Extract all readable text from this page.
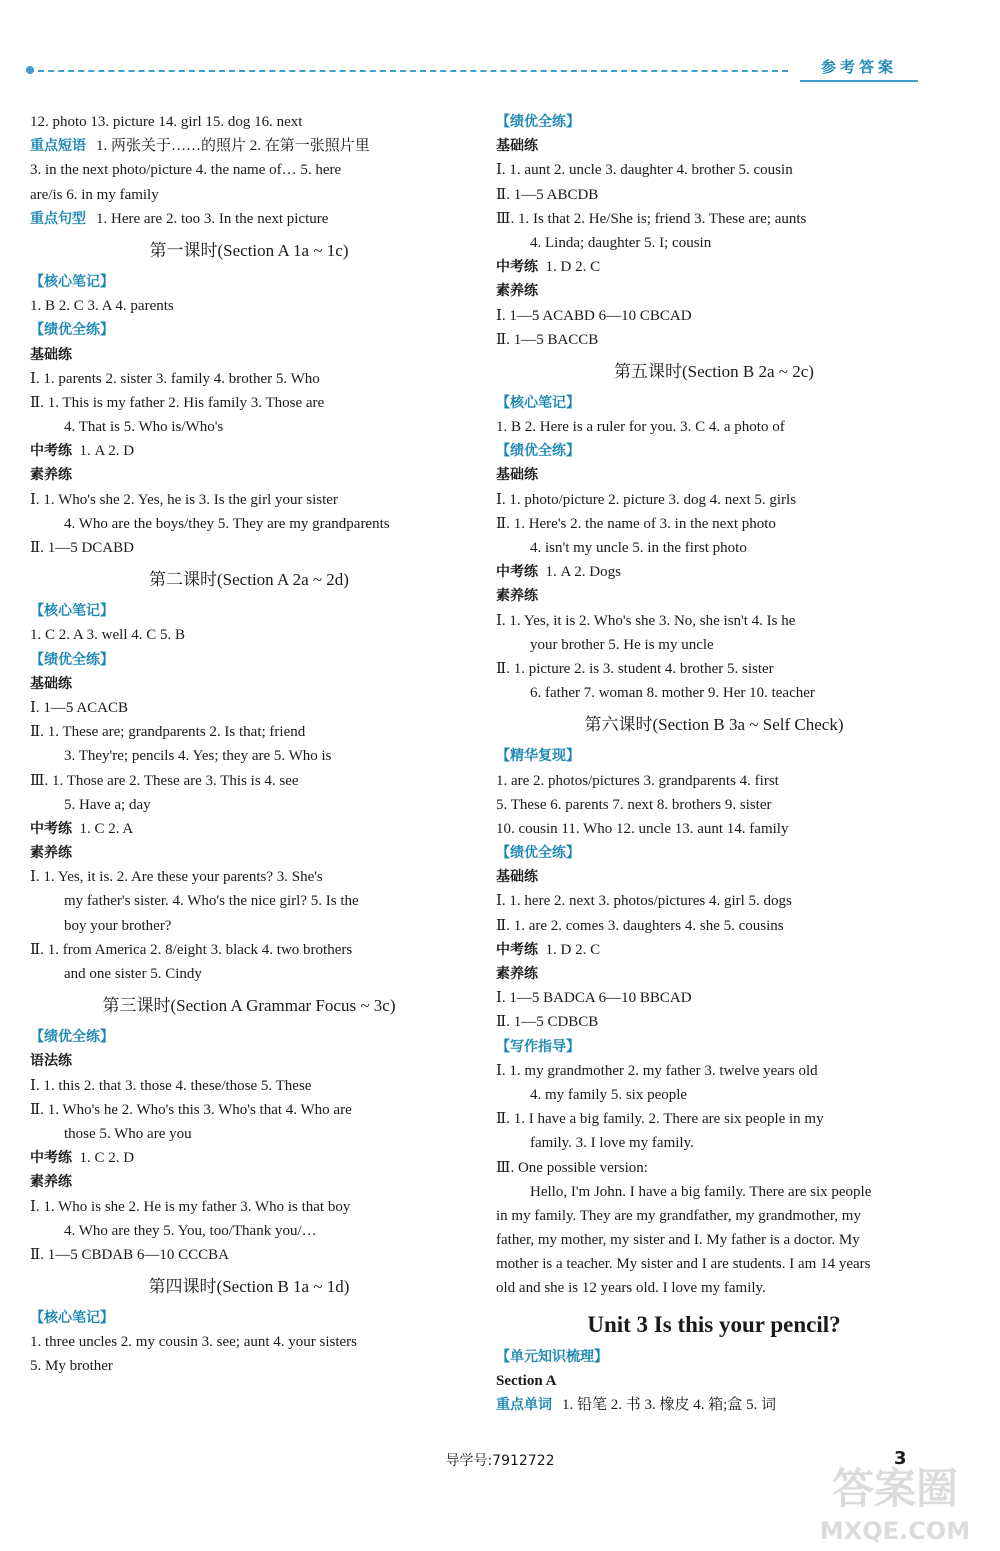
参考答案
12. photo 13. picture 14. girl 15. dog 16. next
重点短语 1. 两张关于……的照片 2. 在第一张照片里
3. in the next photo/picture 4. the name of… 5. here
are/is 6. in my family
重点句型 1. Here are 2. too 3. In the next picture
第一课时(Section A 1a ~ 1c)
【核心笔记】
1. B 2. C 3. A 4. parents
【绩优全练】
基础练
Ⅰ. 1. parents 2. sister 3. family 4. brother 5. Who
Ⅱ. 1. This is my father 2. His family 3. Those are
4. That is 5. Who is/Who's
中考练 1. A 2. D
素养练
Ⅰ. 1. Who's she 2. Yes, he is 3. Is the girl your sister
4. Who are the boys/they 5. They are my grandparents
Ⅱ. 1—5 DCABD
第二课时(Section A 2a ~ 2d)
【核心笔记】
1. C 2. A 3. well 4. C 5. B
【绩优全练】
基础练
Ⅰ. 1—5 ACACB
Ⅱ. 1. These are; grandparents 2. Is that; friend
3. They're; pencils 4. Yes; they are 5. Who is
Ⅲ. 1. Those are 2. These are 3. This is 4. see
5. Have a; day
中考练 1. C 2. A
素养练
Ⅰ. 1. Yes, it is. 2. Are these your parents? 3. She's
my father's sister. 4. Who's the nice girl? 5. Is the
boy your brother?
Ⅱ. 1. from America 2. 8/eight 3. black 4. two brothers
and one sister 5. Cindy
第三课时(Section A Grammar Focus ~ 3c)
【绩优全练】
语法练
Ⅰ. 1. this 2. that 3. those 4. these/those 5. These
Ⅱ. 1. Who's he 2. Who's this 3. Who's that 4. Who are
those 5. Who are you
中考练 1. C 2. D
素养练
Ⅰ. 1. Who is she 2. He is my father 3. Who is that boy
4. Who are they 5. You, too/Thank you/…
Ⅱ. 1—5 CBDAB 6—10 CCCBA
第四课时(Section B 1a ~ 1d)
【核心笔记】
1. three uncles 2. my cousin 3. see; aunt 4. your sisters
5. My brother
【绩优全练】
基础练
Ⅰ. 1. aunt 2. uncle 3. daughter 4. brother 5. cousin
Ⅱ. 1—5 ABCDB
Ⅲ. 1. Is that 2. He/She is; friend 3. These are; aunts
4. Linda; daughter 5. I; cousin
中考练 1. D 2. C
素养练
Ⅰ. 1—5 ACABD 6—10 CBCAD
Ⅱ. 1—5 BACCB
第五课时(Section B 2a ~ 2c)
【核心笔记】
1. B 2. Here is a ruler for you. 3. C 4. a photo of
【绩优全练】
基础练
Ⅰ. 1. photo/picture 2. picture 3. dog 4. next 5. girls
Ⅱ. 1. Here's 2. the name of 3. in the next photo
4. isn't my uncle 5. in the first photo
中考练 1. A 2. Dogs
素养练
Ⅰ. 1. Yes, it is 2. Who's she 3. No, she isn't 4. Is he
your brother 5. He is my uncle
Ⅱ. 1. picture 2. is 3. student 4. brother 5. sister
6. father 7. woman 8. mother 9. Her 10. teacher
第六课时(Section B 3a ~ Self Check)
【精华复现】
1. are 2. photos/pictures 3. grandparents 4. first
5. These 6. parents 7. next 8. brothers 9. sister
10. cousin 11. Who 12. uncle 13. aunt 14. family
【绩优全练】
基础练
Ⅰ. 1. here 2. next 3. photos/pictures 4. girl 5. dogs
Ⅱ. 1. are 2. comes 3. daughters 4. she 5. cousins
中考练 1. D 2. C
素养练
Ⅰ. 1—5 BADCA 6—10 BBCAD
Ⅱ. 1—5 CDBCB
【写作指导】
Ⅰ. 1. my grandmother 2. my father 3. twelve years old
4. my family 5. six people
Ⅱ. 1. I have a big family. 2. There are six people in my
family. 3. I love my family.
Ⅲ. One possible version:
Hello, I'm John. I have a big family. There are six people
in my family. They are my grandfather, my grandmother, my
father, my mother, my sister and I. My father is a doctor. My
mother is a teacher. My sister and I are students. I am 14 years
old and she is 12 years old. I love my family.
Unit 3 Is this your pencil?
【单元知识梳理】
Section A
重点单词 1. 铅笔 2. 书 3. 橡皮 4. 箱;盒 5. 词
导学号:7912722	3
答案圈
MXQE.COM
